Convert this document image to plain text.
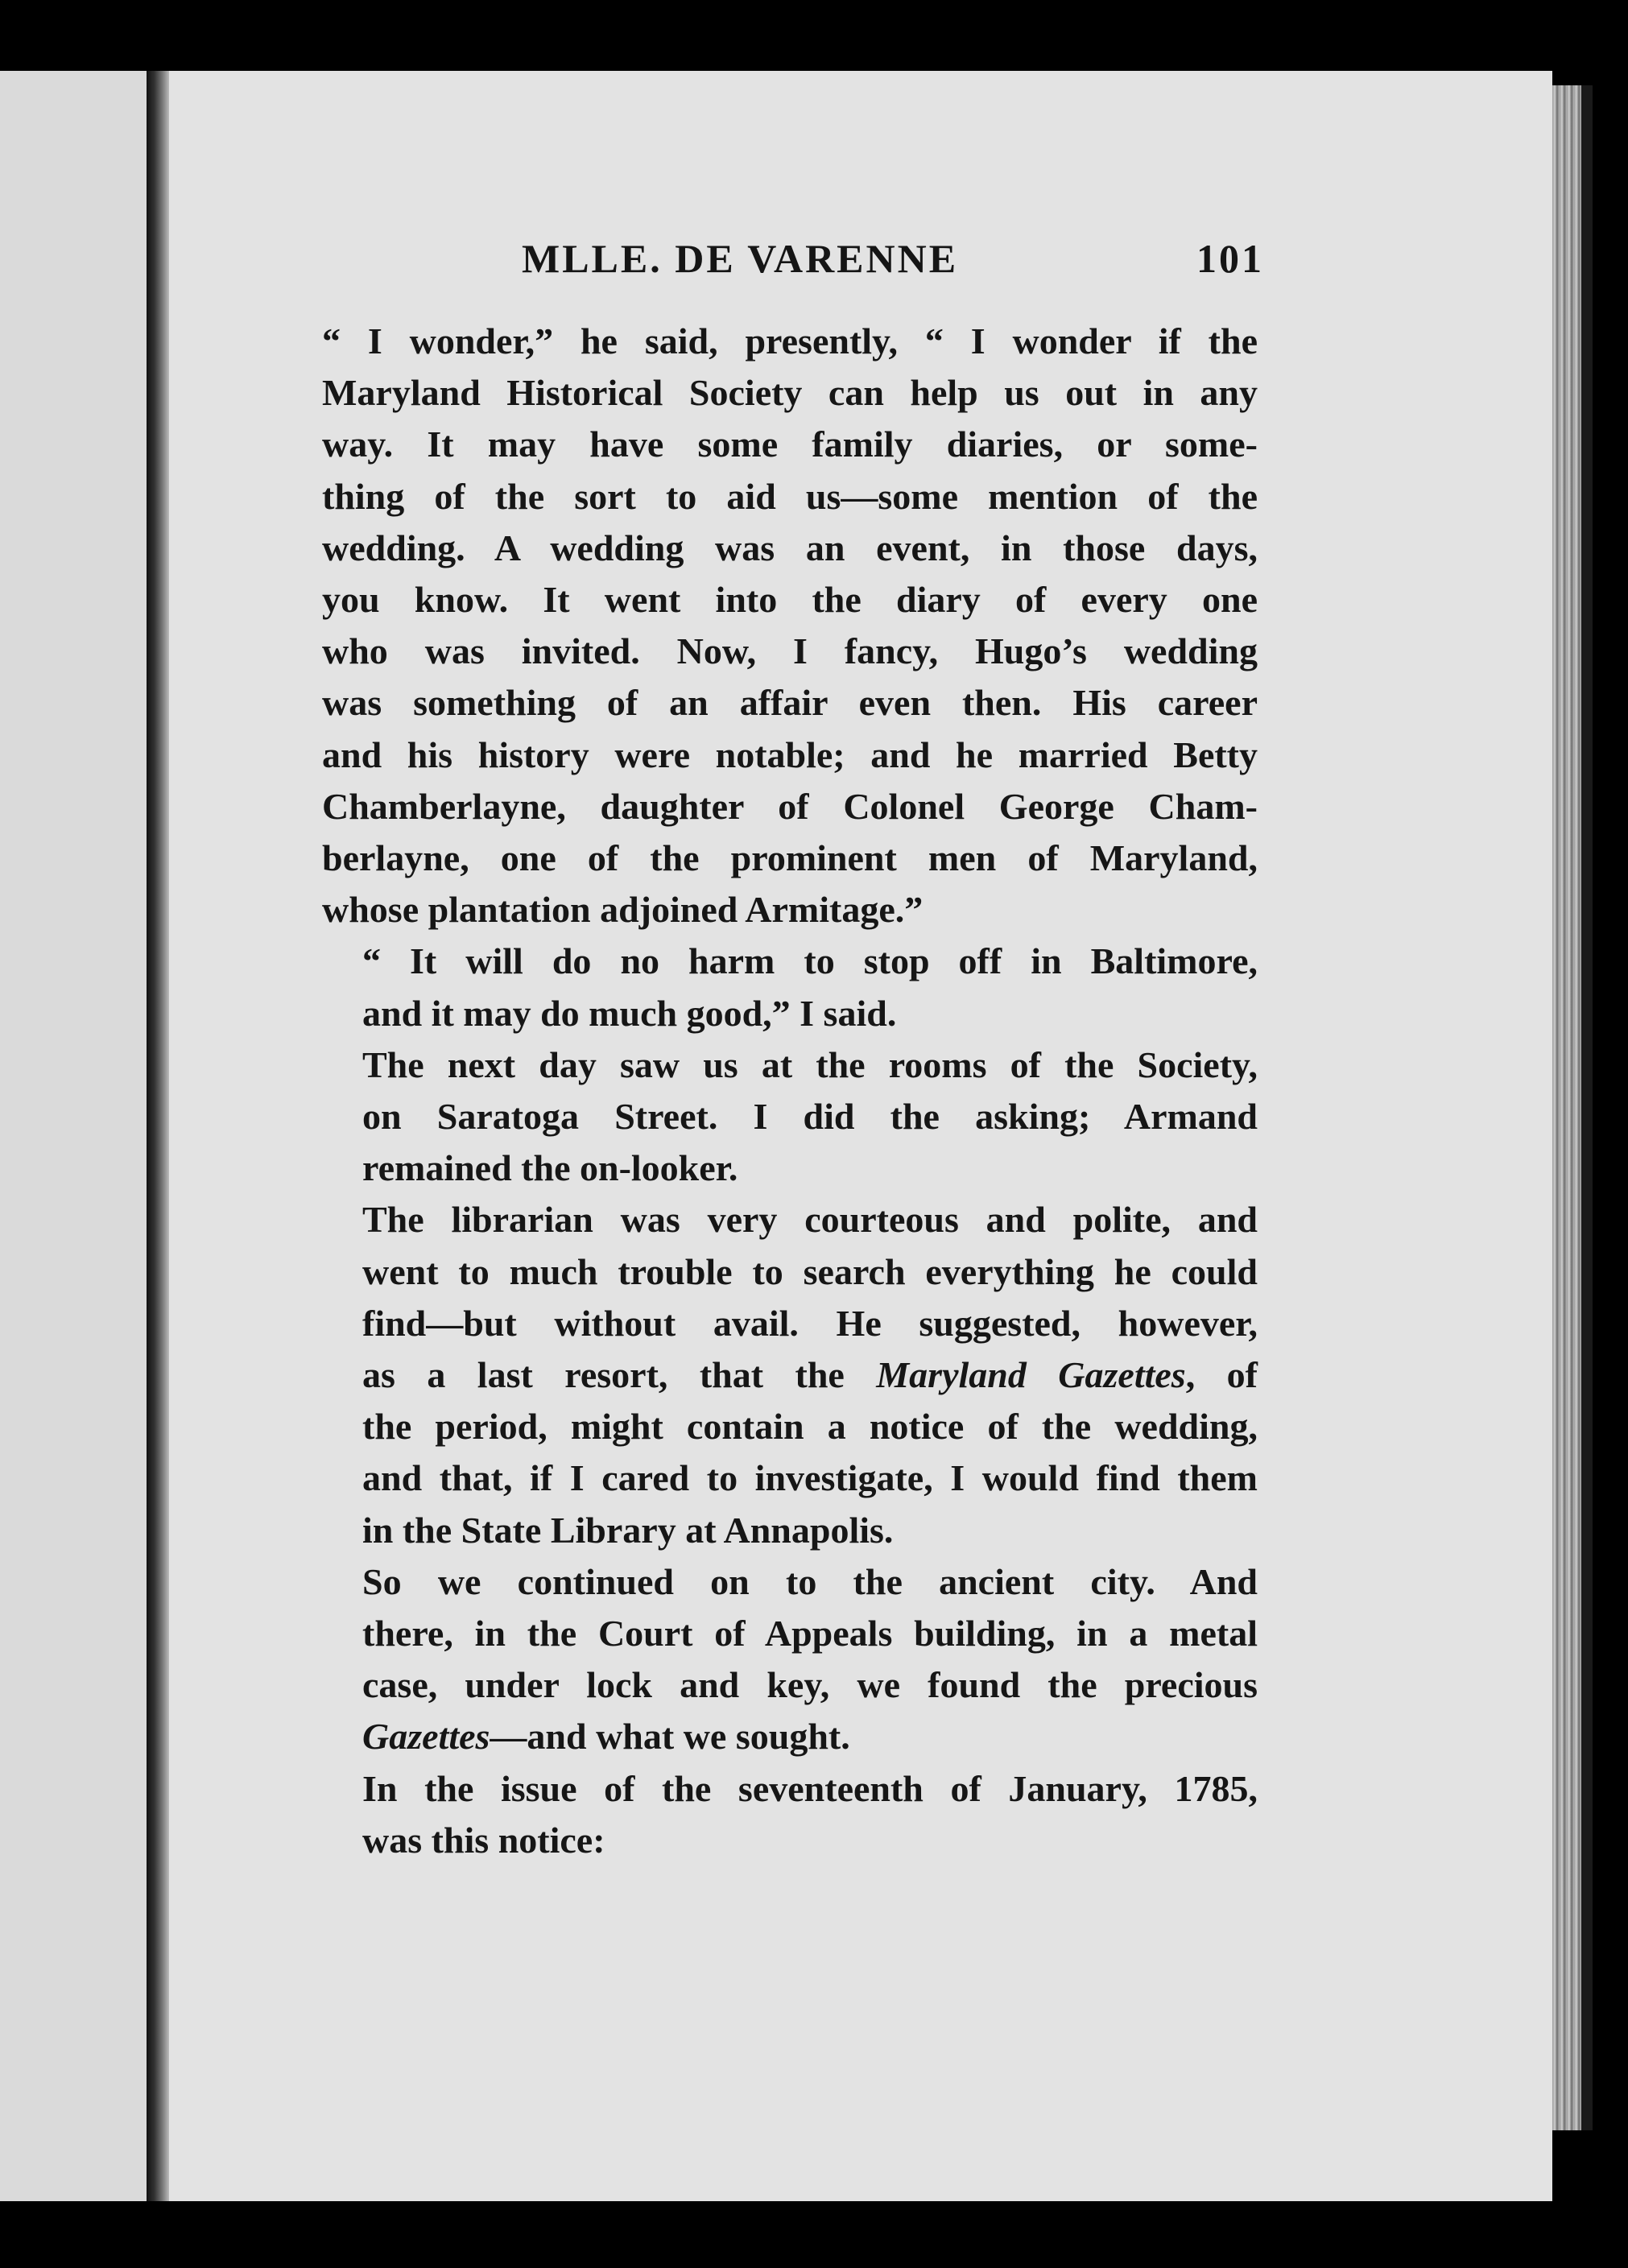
MLLE. DE VARENNE	101

“ I wonder,” he said, presently, “ I wonder if the
Maryland Historical Society can help us out in any
way. It may have some family diaries, or some-
thing of the sort to aid us—some mention of the
wedding. A wedding was an event, in those days,
you know. It went into the diary of every one
who was invited. Now, I fancy, Hugo’s wedding
was something of an affair even then. His career
and his history were notable; and he married Betty
Chamberlayne, daughter of Colonel George Cham-
berlayne, one of the prominent men of Maryland,
whose plantation adjoined Armitage.”

“ It will do no harm to stop off in Baltimore,
and it may do much good,” I said.

The next day saw us at the rooms of the Society,
on Saratoga Street. I did the asking; Armand
remained the on-looker.

The librarian was very courteous and polite, and
went to much trouble to search everything he could
find—but without avail. He suggested, however,
as a last resort, that the Maryland Gazettes, of
the period, might contain a notice of the wedding,
and that, if I cared to investigate, I would find them
in the State Library at Annapolis.

So we continued on to the ancient city. And
there, in the Court of Appeals building, in a metal
case, under lock and key, we found the precious
Gazettes—and what we sought.

In the issue of the seventeenth of January, 1785,
was this notice:
